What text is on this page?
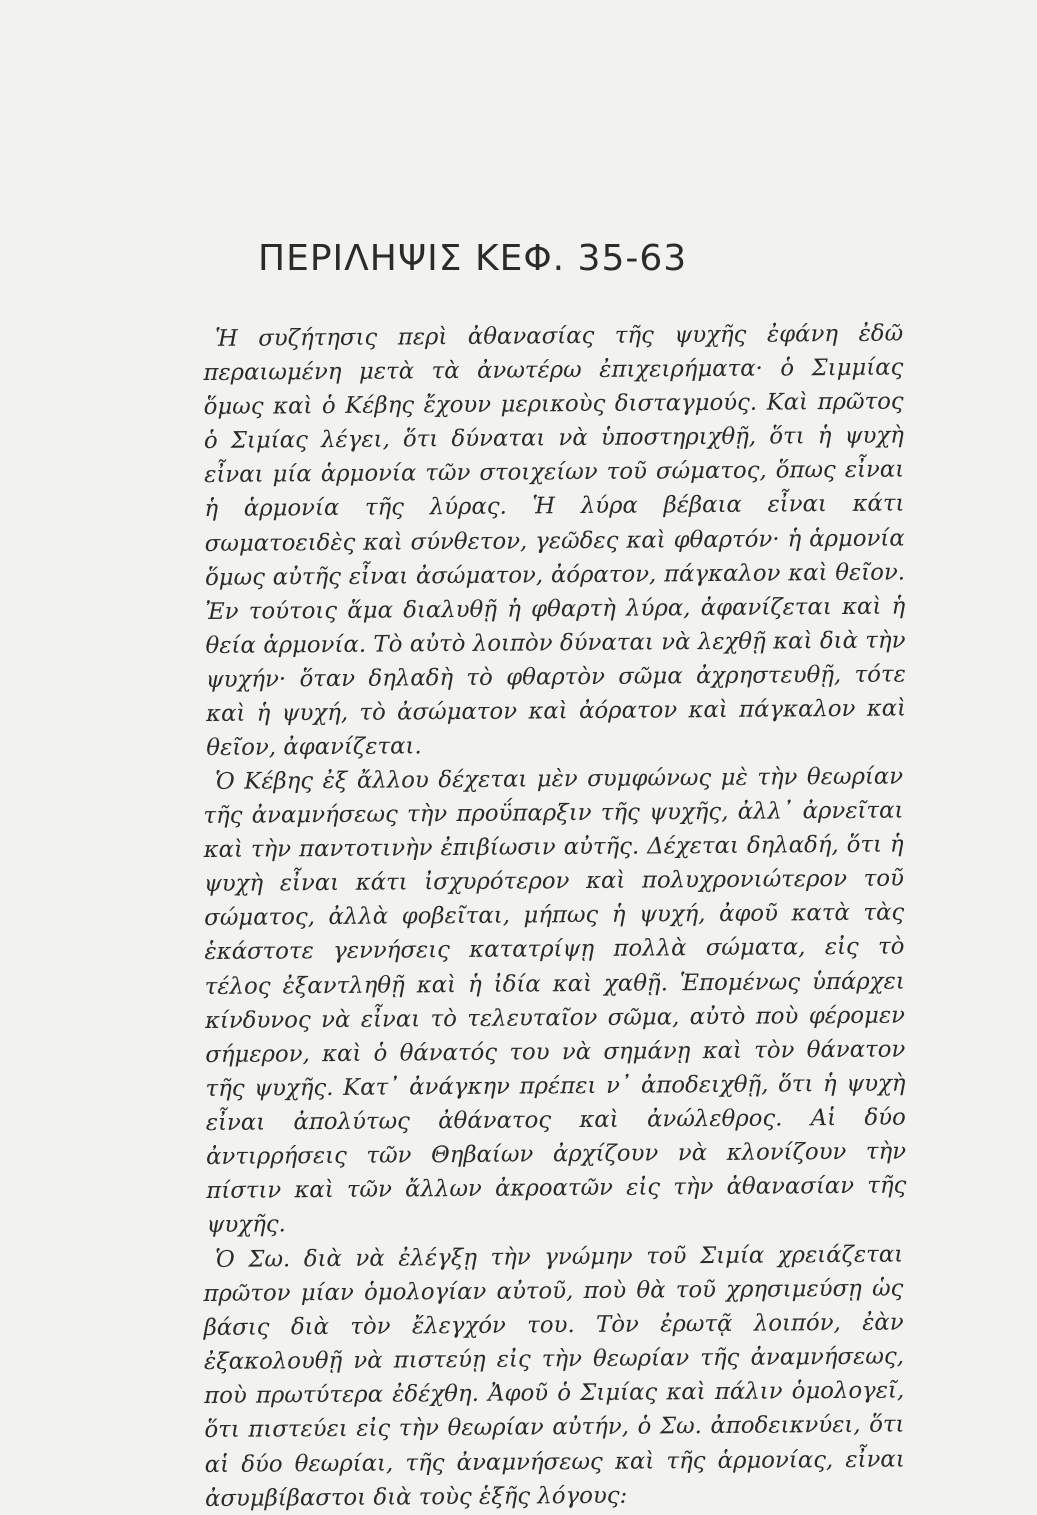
ΠΕΡΙΛΗΨΙΣ ΚΕΦ. 35-63

Ἡ συζήτησις περὶ ἀθανασίας τῆς ψυχῆς ἐφάνη ἐδῶ περαιωμένη μετὰ τὰ ἀνωτέρω ἐπιχειρήματα· ὁ Σιμμίας ὅμως καὶ ὁ Κέβης ἔχουν μερικοὺς δισταγμούς. Καὶ πρῶτος ὁ Σιμίας λέγει, ὅτι δύναται νὰ ὑποστηριχθῇ, ὅτι ἡ ψυχὴ εἶναι μία ἁρμονία τῶν στοιχείων τοῦ σώματος, ὅπως εἶναι ἡ ἁρμονία τῆς λύρας. Ἡ λύρα βέβαια εἶναι κάτι σωματοειδὲς καὶ σύνθετον, γεῶδες καὶ φθαρτόν· ἡ ἁρμονία ὅμως αὐτῆς εἶναι ἀσώματον, ἀόρατον, πάγκαλον καὶ θεῖον. Ἐν τούτοις ἅμα διαλυθῇ ἡ φθαρτὴ λύρα, ἀφανίζεται καὶ ἡ θεία ἁρμονία. Τὸ αὐτὸ λοιπὸν δύναται νὰ λεχθῇ καὶ διὰ τὴν ψυχήν· ὅταν δηλαδὴ τὸ φθαρτὸν σῶμα ἀχρηστευθῇ, τότε καὶ ἡ ψυχή, τὸ ἀσώματον καὶ ἀόρατον καὶ πάγκαλον καὶ θεῖον, ἀφανίζεται.

Ὁ Κέβης ἐξ ἄλλου δέχεται μὲν συμφώνως μὲ τὴν θεωρίαν τῆς ἀναμνήσεως τὴν προΰπαρξιν τῆς ψυχῆς, ἀλλ᾽ ἀρνεῖται καὶ τὴν παντοτινὴν ἐπιβίωσιν αὐτῆς. Δέχεται δηλαδή, ὅτι ἡ ψυχὴ εἶναι κάτι ἰσχυρότερον καὶ πολυχρονιώτερον τοῦ σώματος, ἀλλὰ φοβεῖται, μήπως ἡ ψυχή, ἀφοῦ κατὰ τὰς ἑκάστοτε γεννήσεις κατατρίψῃ πολλὰ σώματα, εἰς τὸ τέλος ἐξαντληθῇ καὶ ἡ ἰδία καὶ χαθῇ. Ἑπομένως ὑπάρχει κίνδυνος νὰ εἶναι τὸ τελευταῖον σῶμα, αὐτὸ ποὺ φέρομεν σήμερον, καὶ ὁ θάνατός του νὰ σημάνῃ καὶ τὸν θάνατον τῆς ψυχῆς. Κατ᾽ ἀνάγκην πρέπει ν᾽ ἀποδειχθῇ, ὅτι ἡ ψυχὴ εἶναι ἀπολύτως ἀθάνατος καὶ ἀνώλεθρος. Αἱ δύο ἀντιρρήσεις τῶν Θηβαίων ἀρχίζουν νὰ κλονίζουν τὴν πίστιν καὶ τῶν ἄλλων ἀκροατῶν εἰς τὴν ἀθανασίαν τῆς ψυχῆς.

Ὁ Σω. διὰ νὰ ἐλέγξῃ τὴν γνώμην τοῦ Σιμία χρειάζεται πρῶτον μίαν ὁμολογίαν αὐτοῦ, ποὺ θὰ τοῦ χρησιμεύσῃ ὡς βάσις διὰ τὸν ἔλεγχόν του. Τὸν ἐρωτᾷ λοιπόν, ἐὰν ἐξακολουθῇ νὰ πιστεύῃ εἰς τὴν θεωρίαν τῆς ἀναμνήσεως, ποὺ πρωτύτερα ἐδέχθη. Ἀφοῦ ὁ Σιμίας καὶ πάλιν ὁμολογεῖ, ὅτι πιστεύει εἰς τὴν θεωρίαν αὐτήν, ὁ Σω. ἀποδεικνύει, ὅτι αἱ δύο θεωρίαι, τῆς ἀναμνήσεως καὶ τῆς ἁρμονίας, εἶναι ἀσυμβίβαστοι διὰ τοὺς ἑξῆς λόγους:
